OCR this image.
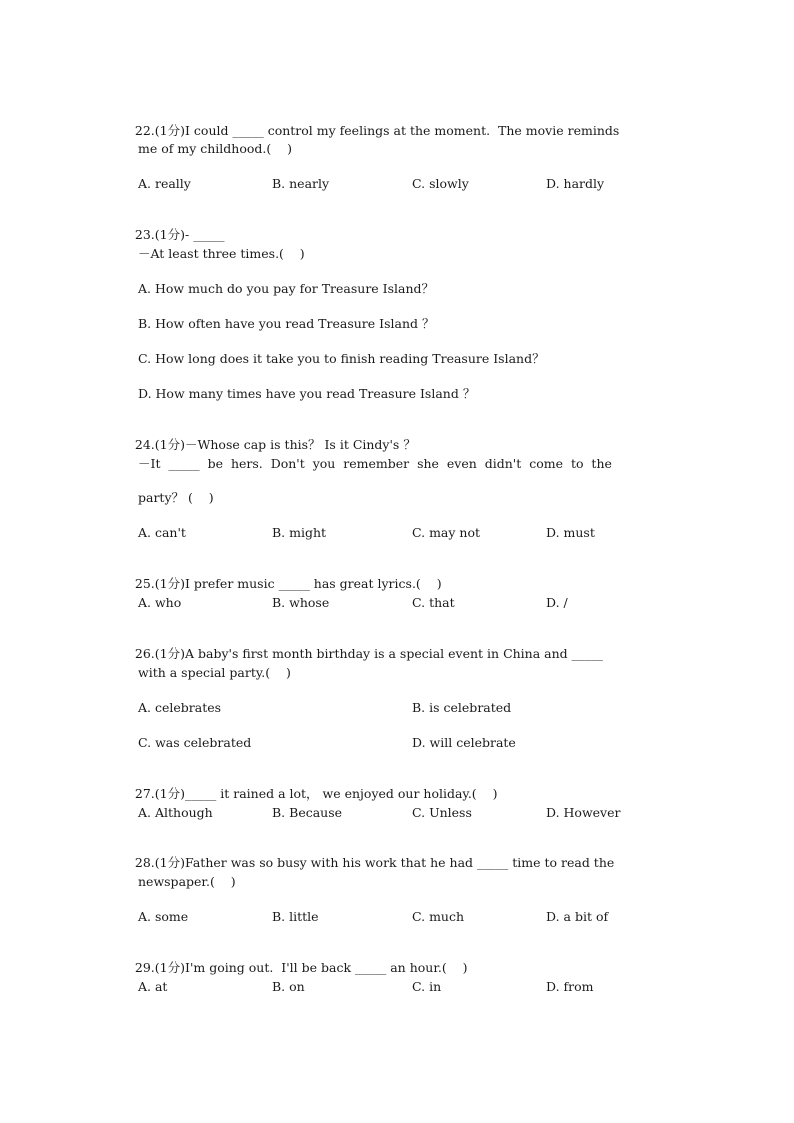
22.(1分)I could _____ control my feelings at the moment.  The movie reminds

me of my childhood.(    )
A. really	B. nearly	C. slowly	D. hardly

23.(1分)- _____

－At least three times.(    )
A. How much do you pay for Treasure Island？
B. How often have you read Treasure Island ？
C. How long does it take you to finish reading Treasure Island？
D. How many times have you read Treasure Island ？

24.(1分)－Whose cap is this？ Is it Cindy's ？

－It  _____  be  hers.  Don't  you  remember  she  even  didn't  come  to  the
party？ (    )
A. can't	B. might	C. may not	D. must

25.(1分)I prefer music _____ has great lyrics.(    )

A. who	B. whose	C. that	D. /

26.(1分)A baby's first month birthday is a special event in China and _____

with a special party.(    )
A. celebrates	B. is celebrated
C. was celebrated	D. will celebrate

27.(1分)_____ it rained a lot， we enjoyed our holiday.(    )

A. Although	B. Because	C. Unless	D. However

28.(1分)Father was so busy with his work that he had _____ time to read the

newspaper.(    )
A. some	B. little	C. much	D. a bit of

29.(1分)I'm going out.  I'll be back _____ an hour.(    )

A. at	B. on	C. in	D. from
